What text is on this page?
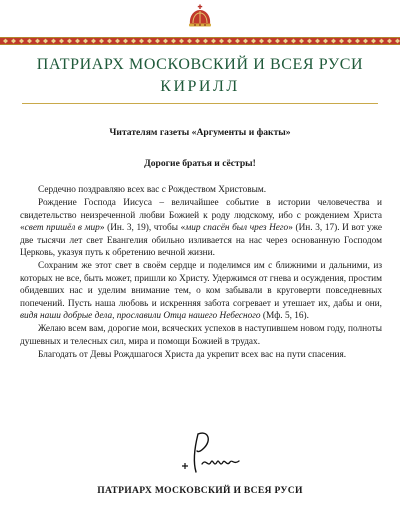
ПАТРИАРХ МОСКОВСКИЙ И ВСЕЯ РУСИ
КИРИЛЛ
Читателям газеты «Аргументы и факты»
Дорогие братья и сёстры!

Сердечно поздравляю всех вас с Рождеством Христовым.

Рождение Господа Иисуса – величайшее событие в истории человечества и свидетельство неизреченной любви Божией к роду людскому, ибо с рождением Христа «свет пришёл в мир» (Ин. 3, 19), чтобы «мир спасён был чрез Него» (Ин. 3, 17). И вот уже две тысячи лет свет Евангелия обильно изливается на нас через основанную Господом Церковь, указуя путь к обретению вечной жизни.

Сохраним же этот свет в своём сердце и поделимся им с ближними и дальними, из которых не все, быть может, пришли ко Христу. Удержимся от гнева и осуждения, простим обидевших нас и уделим внимание тем, о ком забывали в круговерти повседневных попечений. Пусть наша любовь и искренняя забота согревает и утешает их, дабы и они, видя наши добрые дела, прославили Отца нашего Небесного (Мф. 5, 16).

Желаю всем вам, дорогие мои, всяческих успехов в наступившем новом году, полноты душевных и телесных сил, мира и помощи Божией в трудах.

Благодать от Девы Рождшагося Христа да укрепит всех вас на пути спасения.

ПАТРИАРХ МОСКОВСКИЙ И ВСЕЯ РУСИ
